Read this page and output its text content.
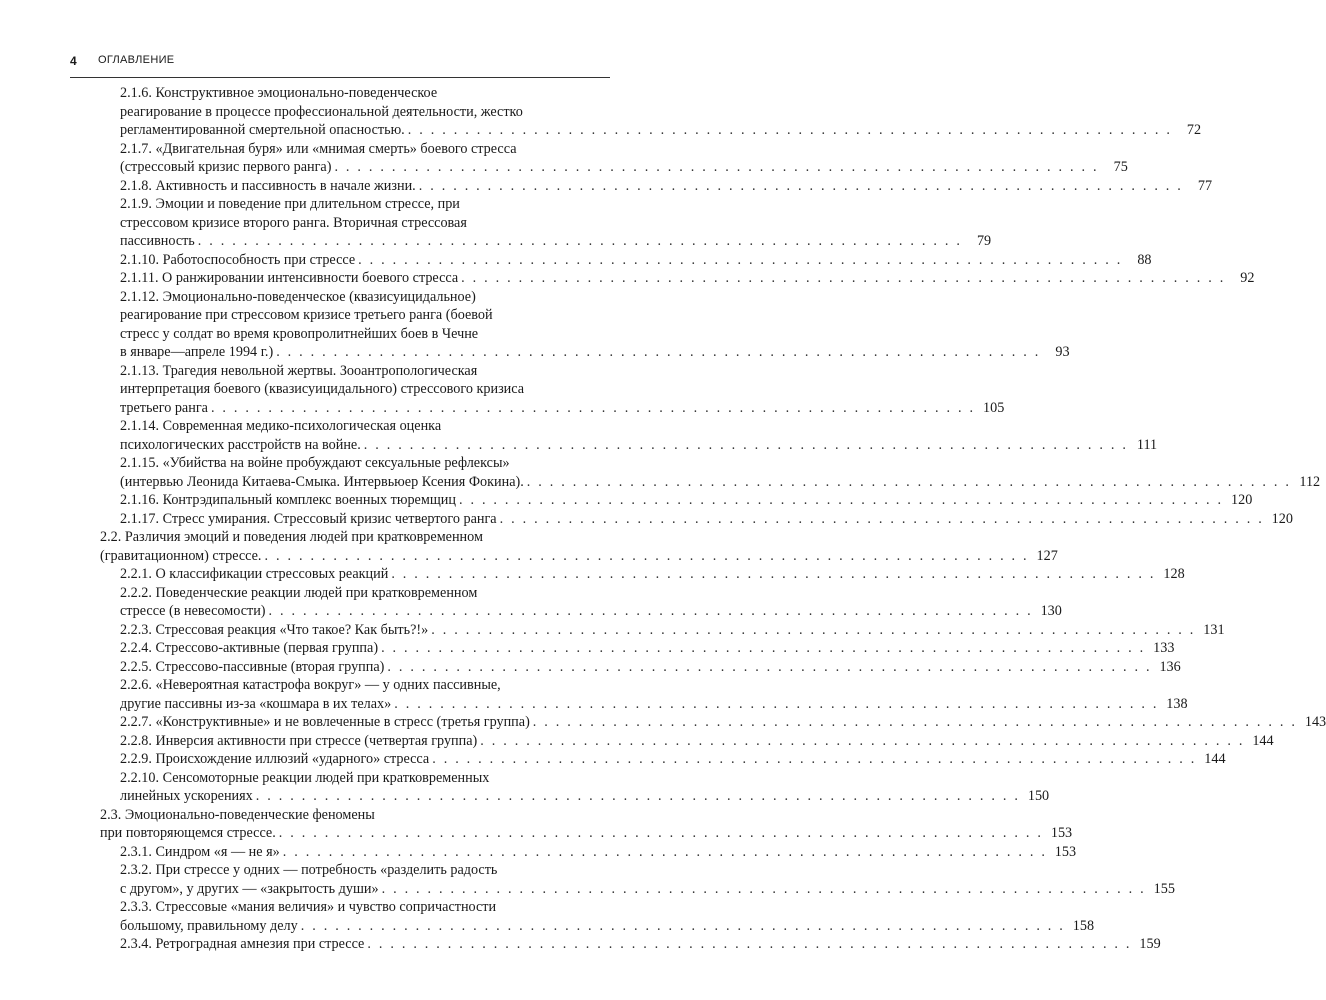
4 ОГЛАВЛЕНИЕ
2.1.6. Конструктивное эмоционально-поведенческое
реагирование в процессе профессиональной деятельности, жестко
регламентированной смертельной опасностью. . . . . . . . . . . . . . . . . . . . . . . . . . . . . . . . . . . . . . . . . . . . . . . . . . . . . . . . . . . . . . . . . . . .	72
2.1.7. «Двигательная буря» или «мнимая смерть» боевого стресса
(стрессовый кризис первого ранга) . . . . . . . . . . . . . . . . . . . . . . . . . . . . . . . . . . . . . . . . . . . . . . . . . . . . . . . . . . . . . . . . . . .	75
2.1.8. Активность и пассивность в начале жизни. . . . . . . . . . . . . . . . . . . . . . . . . . . . . . . . . . . . . . . . . . . . . . . . . . . . . . . . . . . . . . . . . . . .	77
2.1.9. Эмоции и поведение при длительном стрессе, при
стрессовом кризисе второго ранга. Вторичная стрессовая
пассивность . . . . . . . . . . . . . . . . . . . . . . . . . . . . . . . . . . . . . . . . . . . . . . . . . . . . . . . . . . . . . . . . . . .	79
2.1.10. Работоспособность при стрессе . . . . . . . . . . . . . . . . . . . . . . . . . . . . . . . . . . . . . . . . . . . . . . . . . . . . . . . . . . . . . . . . . . .	88
2.1.11. О ранжировании интенсивности боевого стресса . . . . . . . . . . . . . . . . . . . . . . . . . . . . . . . . . . . . . . . . . . . . . . . . . . . . . . . . . . . . . . . . . . .	92
2.1.12. Эмоционально-поведенческое (квазисуицидальное)
реагирование при стрессовом кризисе третьего ранга (боевой
стресс у солдат во время кровопролитнейших боев в Чечне
в январе—апреле 1994 г.) . . . . . . . . . . . . . . . . . . . . . . . . . . . . . . . . . . . . . . . . . . . . . . . . . . . . . . . . . . . . . . . . . . .	93
2.1.13. Трагедия невольной жертвы. Зооантропологическая
интерпретация боевого (квазисуицидального) стрессового кризиса
третьего ранга . . . . . . . . . . . . . . . . . . . . . . . . . . . . . . . . . . . . . . . . . . . . . . . . . . . . . . . . . . . . . . . . . . . 105
2.1.14. Современная медико-психологическая оценка
психологических расстройств на войне. . . . . . . . . . . . . . . . . . . . . . . . . . . . . . . . . . . . . . . . . . . . . . . . . . . . . . . . . . . . . . . . . . . . 111
2.1.15. «Убийства на войне пробуждают сексуальные рефлексы»
(интервью Леонида Китаева-Смыка. Интервьюер Ксения Фокина). . . . . . . . . . . . . . . . . . . . . . . . . . . . . . . . . . . . . . . . . . . . . . . . . . . . . . . . . . . . . . . . . . . . 112
2.1.16. Контрэдипальный комплекс военных тюремщиц . . . . . . . . . . . . . . . . . . . . . . . . . . . . . . . . . . . . . . . . . . . . . . . . . . . . . . . . . . . . . . . . . . . 120
2.1.17. Стресс умирания. Стрессовый кризис четвертого ранга . . . . . . . . . . . . . . . . . . . . . . . . . . . . . . . . . . . . . . . . . . . . . . . . . . . . . . . . . . . . . . . . . . . 120
2.2. Различия эмоций и поведения людей при кратковременном
(гравитационном) стрессе. . . . . . . . . . . . . . . . . . . . . . . . . . . . . . . . . . . . . . . . . . . . . . . . . . . . . . . . . . . . . . . . . . . . 127
2.2.1. О классификации стрессовых реакций . . . . . . . . . . . . . . . . . . . . . . . . . . . . . . . . . . . . . . . . . . . . . . . . . . . . . . . . . . . . . . . . . . . 128
2.2.2. Поведенческие реакции людей при кратковременном
стрессе (в невесомости) . . . . . . . . . . . . . . . . . . . . . . . . . . . . . . . . . . . . . . . . . . . . . . . . . . . . . . . . . . . . . . . . . . . 130
2.2.3. Стрессовая реакция «Что такое? Как быть?!» . . . . . . . . . . . . . . . . . . . . . . . . . . . . . . . . . . . . . . . . . . . . . . . . . . . . . . . . . . . . . . . . . . . 131
2.2.4. Стрессово-активные (первая группа) . . . . . . . . . . . . . . . . . . . . . . . . . . . . . . . . . . . . . . . . . . . . . . . . . . . . . . . . . . . . . . . . . . . 133
2.2.5. Стрессово-пассивные (вторая группа) . . . . . . . . . . . . . . . . . . . . . . . . . . . . . . . . . . . . . . . . . . . . . . . . . . . . . . . . . . . . . . . . . . . 136
2.2.6. «Невероятная катастрофа вокруг» — у одних пассивные,
другие пассивны из-за «кошмара в их телах» . . . . . . . . . . . . . . . . . . . . . . . . . . . . . . . . . . . . . . . . . . . . . . . . . . . . . . . . . . . . . . . . . . . 138
2.2.7. «Конструктивные» и не вовлеченные в стресс (третья группа) . . . . . . . . . . . . . . . . . . . . . . . . . . . . . . . . . . . . . . . . . . . . . . . . . . . . . . . . . . . . . . . . . . . 143
2.2.8. Инверсия активности при стрессе (четвертая группа) . . . . . . . . . . . . . . . . . . . . . . . . . . . . . . . . . . . . . . . . . . . . . . . . . . . . . . . . . . . . . . . . . . . 144
2.2.9. Происхождение иллюзий «ударного» стресса . . . . . . . . . . . . . . . . . . . . . . . . . . . . . . . . . . . . . . . . . . . . . . . . . . . . . . . . . . . . . . . . . . . 144
2.2.10. Сенсомоторные реакции людей при кратковременных
линейных ускорениях . . . . . . . . . . . . . . . . . . . . . . . . . . . . . . . . . . . . . . . . . . . . . . . . . . . . . . . . . . . . . . . . . . . 150
2.3. Эмоционально-поведенческие феномены
при повторяющемся стрессе. . . . . . . . . . . . . . . . . . . . . . . . . . . . . . . . . . . . . . . . . . . . . . . . . . . . . . . . . . . . . . . . . . . . 153
2.3.1. Синдром «я — не я» . . . . . . . . . . . . . . . . . . . . . . . . . . . . . . . . . . . . . . . . . . . . . . . . . . . . . . . . . . . . . . . . . . . 153
2.3.2. При стрессе у одних — потребность «разделить радость
с другом», у других — «закрытость души» . . . . . . . . . . . . . . . . . . . . . . . . . . . . . . . . . . . . . . . . . . . . . . . . . . . . . . . . . . . . . . . . . . . 155
2.3.3. Стрессовые «мания величия» и чувство сопричастности
большому, правильному делу . . . . . . . . . . . . . . . . . . . . . . . . . . . . . . . . . . . . . . . . . . . . . . . . . . . . . . . . . . . . . . . . . . . 158
2.3.4. Ретроградная амнезия при стрессе . . . . . . . . . . . . . . . . . . . . . . . . . . . . . . . . . . . . . . . . . . . . . . . . . . . . . . . . . . . . . . . . . . . 159
